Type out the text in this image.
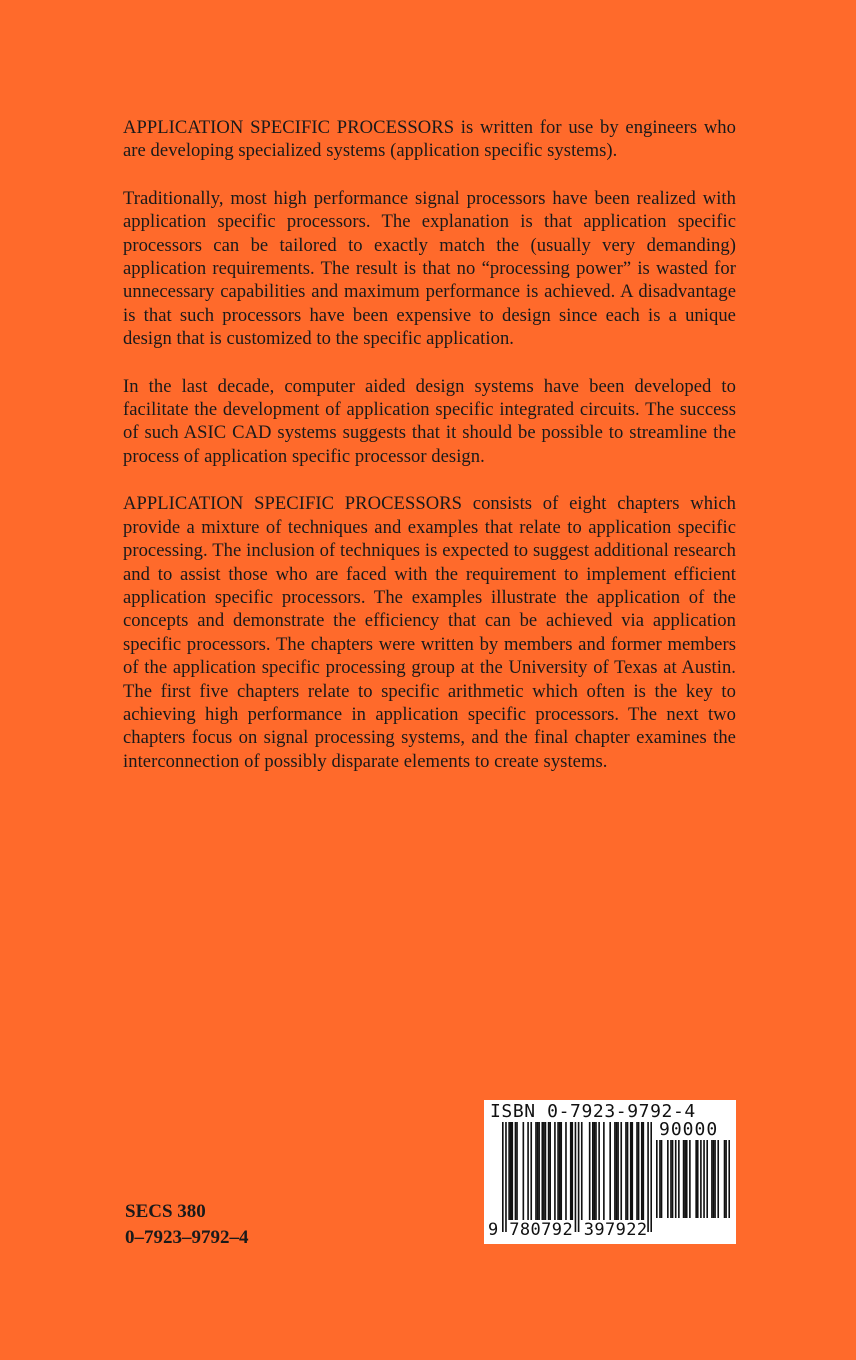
APPLICATION SPECIFIC PROCESSORS is written for use by engineers who are developing specialized systems (application specific systems).

Traditionally, most high performance signal processors have been realized with application specific processors. The explanation is that application specific processors can be tailored to exactly match the (usually very demanding) application requirements. The result is that no “processing power” is wasted for unnecessary capabilities and maximum performance is achieved. A disadvantage is that such processors have been expensive to design since each is a unique design that is customized to the specific application.

In the last decade, computer aided design systems have been developed to facilitate the development of application specific integrated circuits. The success of such ASIC CAD systems suggests that it should be possible to streamline the process of application specific processor design.

APPLICATION SPECIFIC PROCESSORS consists of eight chapters which provide a mixture of techniques and examples that relate to application specific processing. The inclusion of techniques is expected to suggest additional research and to assist those who are faced with the requirement to implement efficient application specific processors. The examples illustrate the application of the concepts and demonstrate the efficiency that can be achieved via application specific processors. The chapters were written by members and former members of the application specific processing group at the University of Texas at Austin. The first five chapters relate to specific arithmetic which often is the key to achieving high performance in application specific processors. The next two chapters focus on signal processing systems, and the final chapter examines the interconnection of possibly disparate elements to create systems.

SECS 380
0–7923–9792–4
ISBN 0-7923-9792-4
90000
9 780792 397922
